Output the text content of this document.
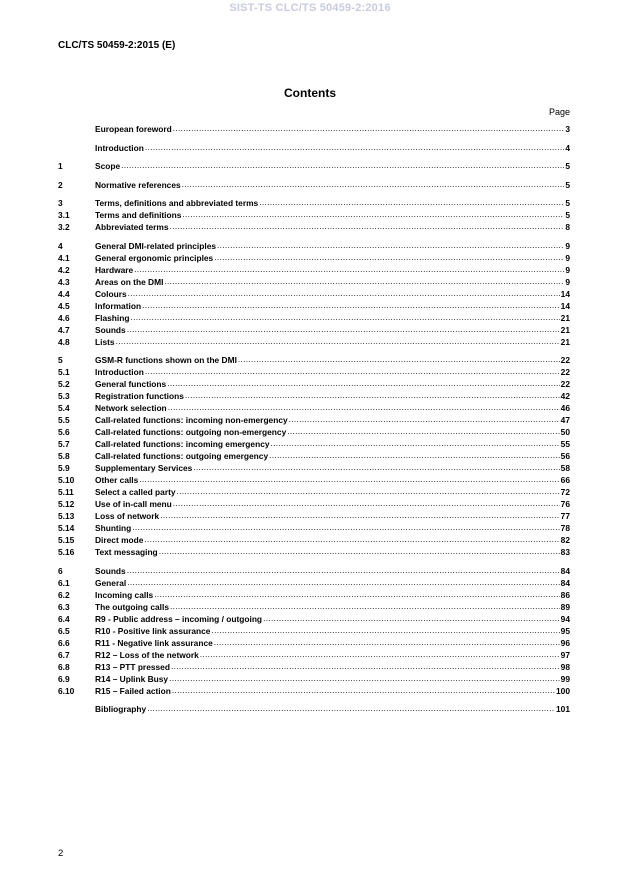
SIST-TS CLC/TS 50459-2:2016
CLC/TS 50459-2:2015 (E)
Contents
Page
European foreword .....	3
Introduction .....	4
1	Scope .....	5
2	Normative references .....	5
3	Terms, definitions and abbreviated terms .....	5
3.1	Terms and definitions .....	5
3.2	Abbreviated terms .....	8
4	General DMI-related principles .....	9
4.1	General ergonomic principles .....	9
4.2	Hardware .....	9
4.3	Areas on the DMI .....	9
4.4	Colours .....	14
4.5	Information .....	14
4.6	Flashing .....	21
4.7	Sounds .....	21
4.8	Lists .....	21
5	GSM-R functions shown on the DMI .....	22
5.1	Introduction .....	22
5.2	General functions .....	22
5.3	Registration functions .....	42
5.4	Network selection .....	46
5.5	Call-related functions: incoming non-emergency .....	47
5.6	Call-related functions: outgoing non-emergency .....	50
5.7	Call-related functions: incoming emergency .....	55
5.8	Call-related functions: outgoing emergency .....	56
5.9	Supplementary Services .....	58
5.10	Other calls .....	66
5.11	Select a called party .....	72
5.12	Use of in-call menu .....	76
5.13	Loss of network .....	77
5.14	Shunting .....	78
5.15	Direct mode .....	82
5.16	Text messaging .....	83
6	Sounds .....	84
6.1	General .....	84
6.2	Incoming calls .....	86
6.3	The outgoing calls .....	89
6.4	R9 - Public address – incoming / outgoing .....	94
6.5	R10 - Positive link assurance .....	95
6.6	R11 - Negative link assurance .....	96
6.7	R12 – Loss of the network .....	97
6.8	R13 – PTT pressed .....	98
6.9	R14 – Uplink Busy .....	99
6.10	R15 – Failed action .....	100
Bibliography .....	101
2
